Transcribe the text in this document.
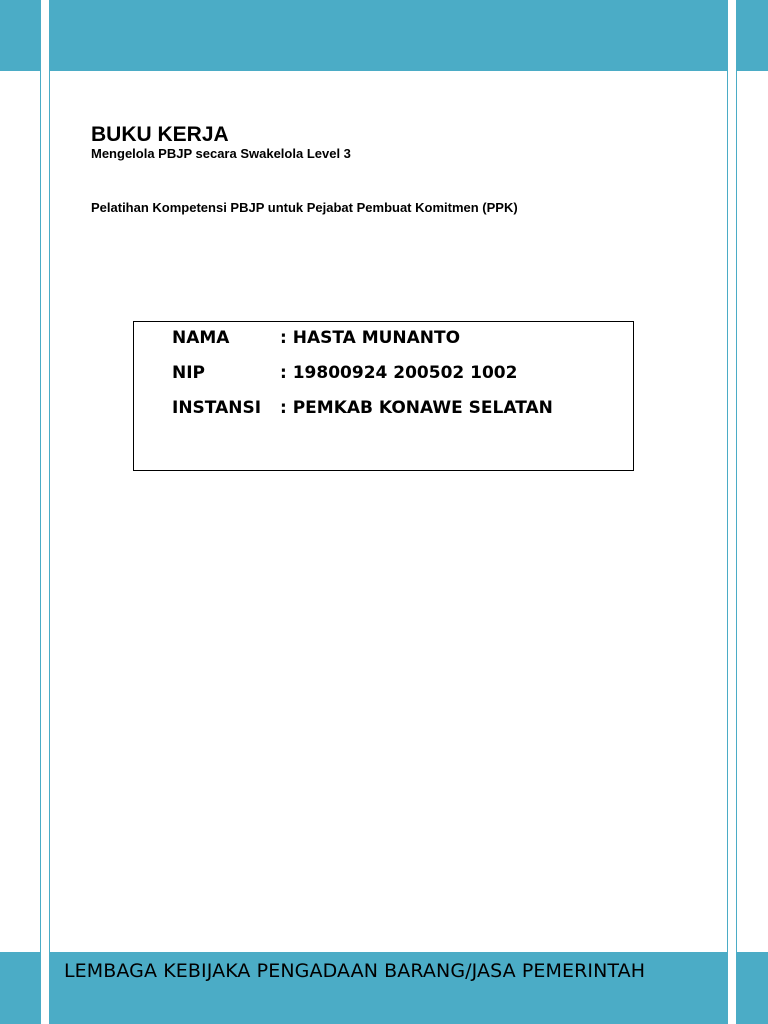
BUKU KERJA

Mengelola PBJP secara Swakelola Level 3

Pelatihan Kompetensi PBJP untuk Pejabat Pembuat Komitmen (PPK)

NAMA	: HASTA MUNANTO
NIP	: 19800924 200502 1002
INSTANSI : PEMKAB KONAWE SELATAN

LEMBAGA KEBIJAKA PENGADAAN BARANG/JASA PEMERINTAH
